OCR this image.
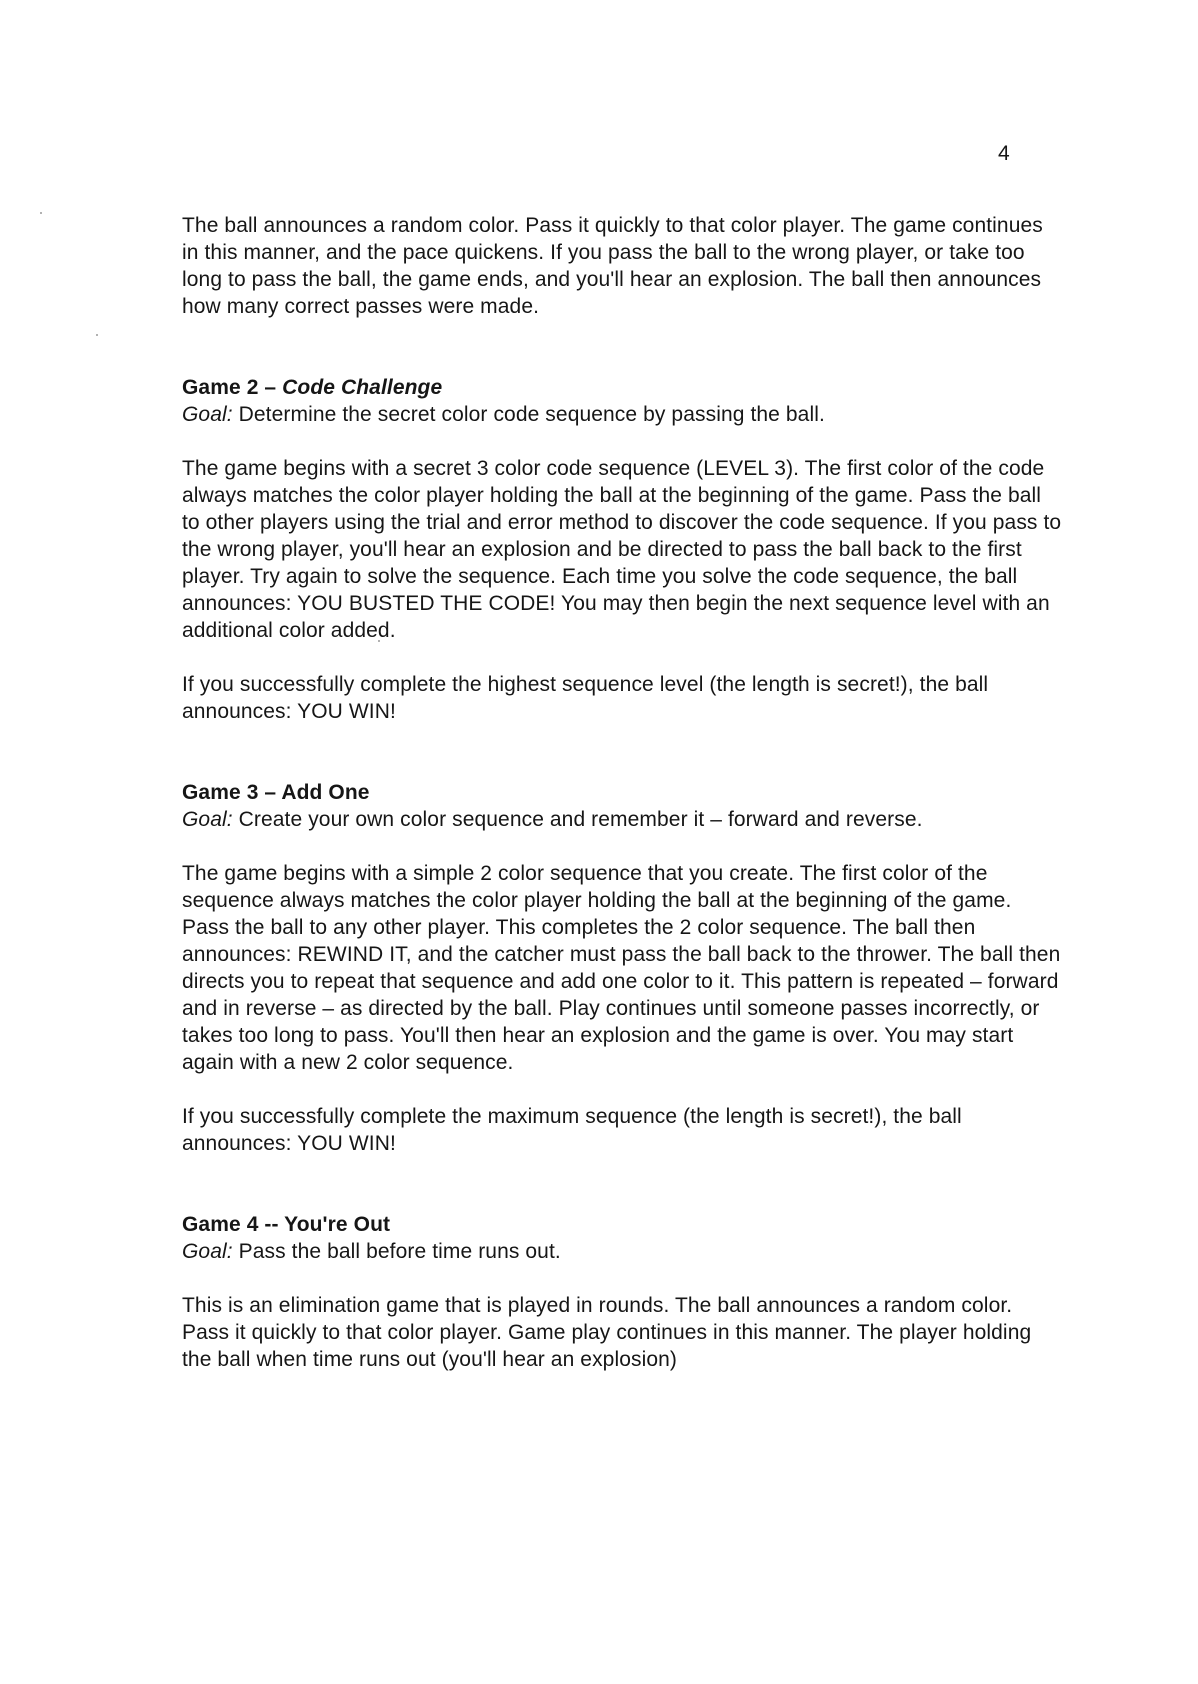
4

The ball announces a random color. Pass it quickly to that color player. The game continues in this manner, and the pace quickens. If you pass the ball to the wrong player, or take too long to pass the ball, the game ends, and you'll hear an explosion. The ball then announces how many correct passes were made.

Game 2 – Code Challenge

Goal: Determine the secret color code sequence by passing the ball.

The game begins with a secret 3 color code sequence (LEVEL 3). The first color of the code always matches the color player holding the ball at the beginning of the game. Pass the ball to other players using the trial and error method to discover the code sequence. If you pass to the wrong player, you'll hear an explosion and be directed to pass the ball back to the first player. Try again to solve the sequence. Each time you solve the code sequence, the ball announces: YOU BUSTED THE CODE! You may then begin the next sequence level with an additional color added.

If you successfully complete the highest sequence level (the length is secret!), the ball announces: YOU WIN!

Game 3 – Add One

Goal: Create your own color sequence and remember it – forward and reverse.

The game begins with a simple 2 color sequence that you create. The first color of the sequence always matches the color player holding the ball at the beginning of the game. Pass the ball to any other player. This completes the 2 color sequence. The ball then announces: REWIND IT, and the catcher must pass the ball back to the thrower. The ball then directs you to repeat that sequence and add one color to it. This pattern is repeated – forward and in reverse – as directed by the ball. Play continues until someone passes incorrectly, or takes too long to pass. You'll then hear an explosion and the game is over. You may start again with a new 2 color sequence.

If you successfully complete the maximum sequence (the length is secret!), the ball announces: YOU WIN!

Game 4 -- You're Out

Goal: Pass the ball before time runs out.

This is an elimination game that is played in rounds. The ball announces a random color. Pass it quickly to that color player. Game play continues in this manner. The player holding the ball when time runs out (you'll hear an explosion)
